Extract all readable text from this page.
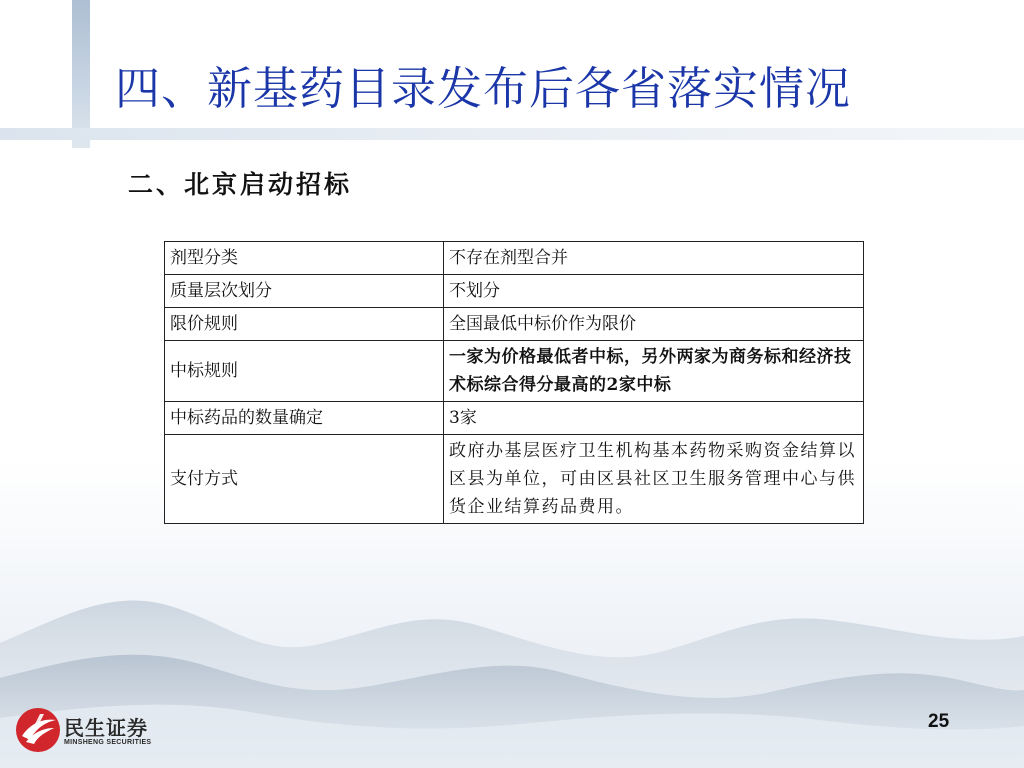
四、新基药目录发布后各省落实情况
二、北京启动招标
剂型分类	不存在剂型合并
质量层次划分	不划分
限价规则	全国最低中标价作为限价
中标规则	一家为价格最低者中标，另外两家为商务标和经济技术标综合得分最高的2家中标
中标药品的数量确定	3家
支付方式	政府办基层医疗卫生机构基本药物采购资金结算以区县为单位，可由区县社区卫生服务管理中心与供货企业结算药品费用。
民生证券
MINSHENG SECURITIES
25
